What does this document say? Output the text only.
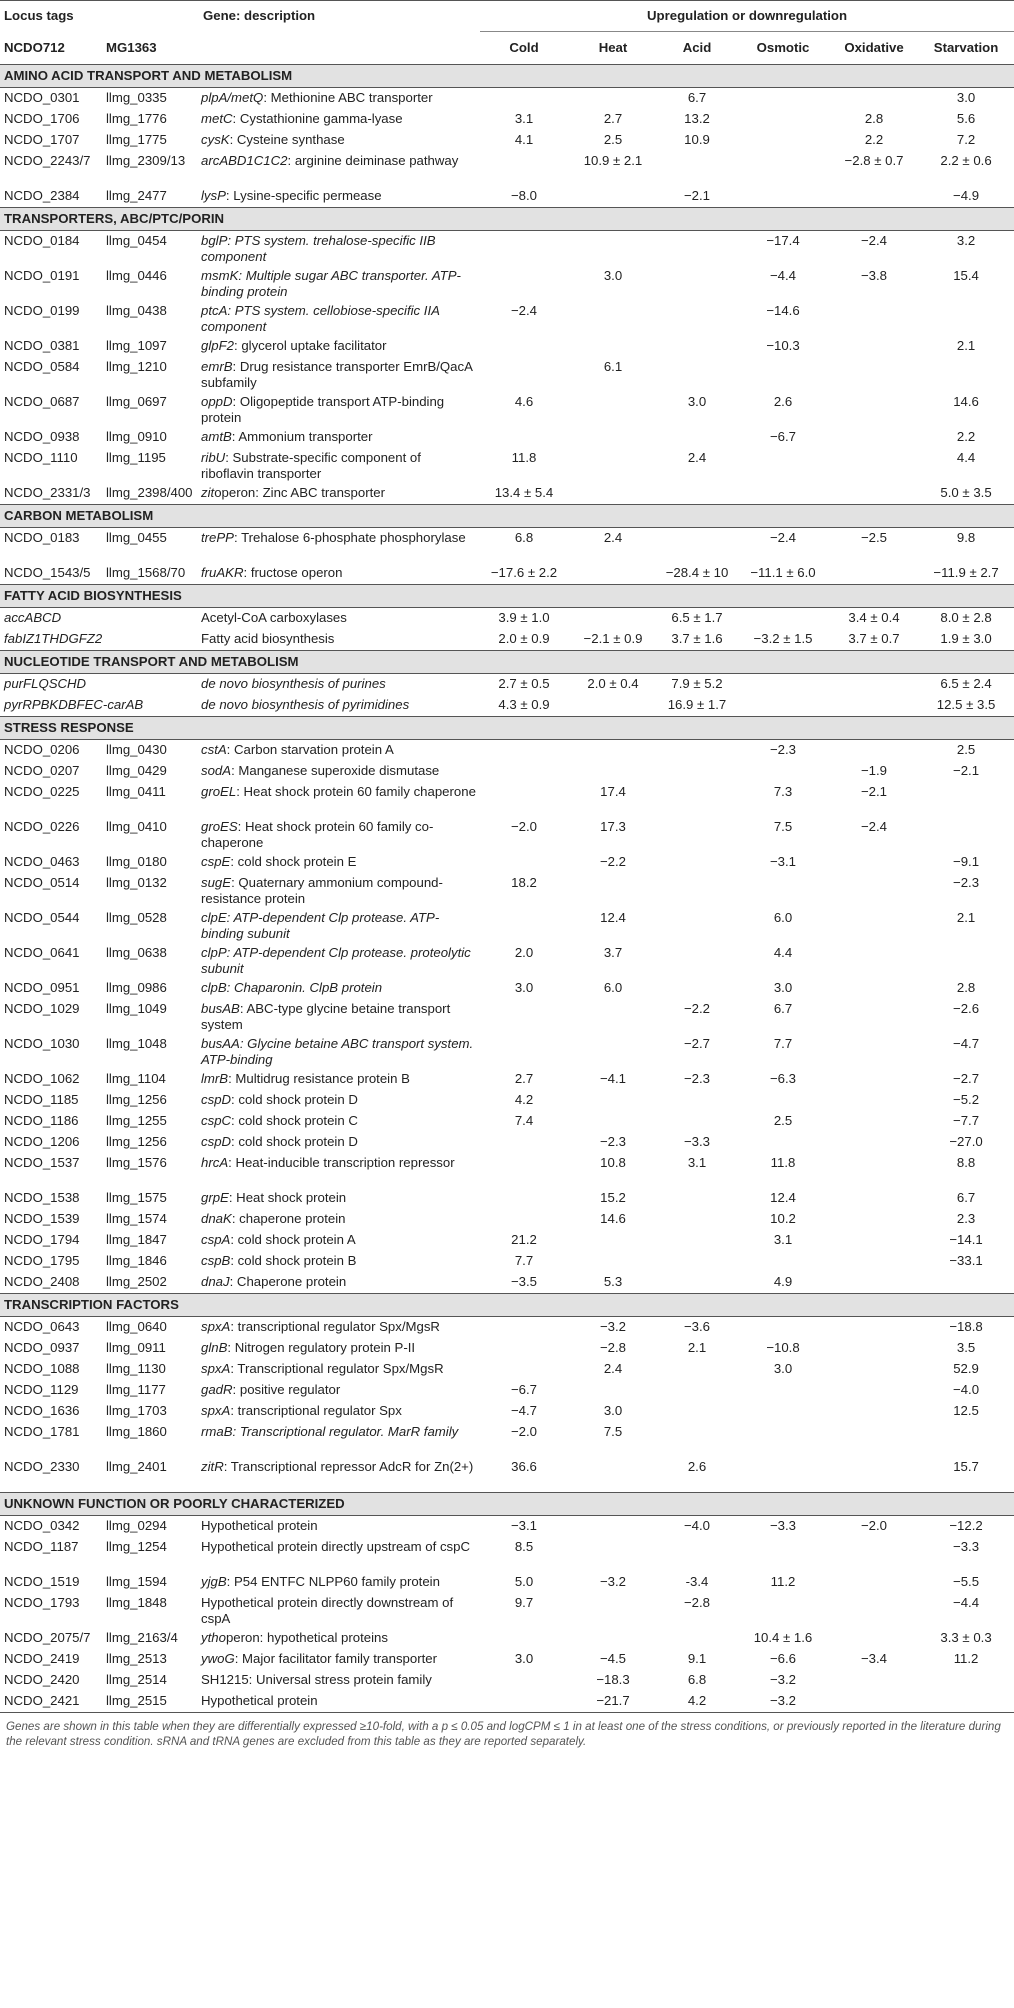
Locus tags		Gene: description	Upregulation or downregulation					
NCDO712	MG1363		Cold	Heat	Acid	Osmotic	Oxidative	Starvation
AMINO ACID TRANSPORT AND METABOLISM								
NCDO_0301	llmg_0335	plpA/metQ: Methionine ABC transporter			6.7			3.0
NCDO_1706	llmg_1776	metC: Cystathionine gamma-lyase	3.1	2.7	13.2		2.8	5.6
NCDO_1707	llmg_1775	cysK: Cysteine synthase	4.1	2.5	10.9		2.2	7.2
NCDO_2243/7	llmg_2309/13	arcABD1C1C2: arginine deiminase pathway		10.9 ± 2.1			−2.8 ± 0.7	2.2 ± 0.6
NCDO_2384	llmg_2477	lysP: Lysine-specific permease	−8.0		−2.1			−4.9
TRANSPORTERS, ABC/PTC/PORIN								
NCDO_0184	llmg_0454	bglP: PTS system. trehalose-specific IIB component				−17.4	−2.4	3.2
NCDO_0191	llmg_0446	msmK: Multiple sugar ABC transporter. ATP-binding protein		3.0		−4.4	−3.8	15.4
NCDO_0199	llmg_0438	ptcA: PTS system. cellobiose-specific IIA component	−2.4			−14.6		
NCDO_0381	llmg_1097	glpF2: glycerol uptake facilitator				−10.3		2.1
NCDO_0584	llmg_1210	emrB: Drug resistance transporter EmrB/QacA subfamily		6.1				
NCDO_0687	llmg_0697	oppD: Oligopeptide transport ATP-binding protein	4.6		3.0	2.6		14.6
NCDO_0938	llmg_0910	amtB: Ammonium transporter				−6.7		2.2
NCDO_1110	llmg_1195	ribU: Substrate-specific component of riboflavin transporter	11.8		2.4			4.4
NCDO_2331/3	llmg_2398/400	zitoperon: Zinc ABC transporter	13.4 ± 5.4					5.0 ± 3.5
CARBON METABOLISM								
NCDO_0183	llmg_0455	trePP: Trehalose 6-phosphate phosphorylase	6.8	2.4		−2.4	−2.5	9.8
NCDO_1543/5	llmg_1568/70	fruAKR: fructose operon	−17.6 ± 2.2		−28.4 ± 10	−11.1 ± 6.0		−11.9 ± 2.7
FATTY ACID BIOSYNTHESIS								
accABCD		Acetyl-CoA carboxylases	3.9 ± 1.0		6.5 ± 1.7		3.4 ± 0.4	8.0 ± 2.8
fabIZ1THDGFZ2		Fatty acid biosynthesis	2.0 ± 0.9	−2.1 ± 0.9	3.7 ± 1.6	−3.2 ± 1.5	3.7 ± 0.7	1.9 ± 3.0
NUCLEOTIDE TRANSPORT AND METABOLISM								
purFLQSCHD		de novo biosynthesis of purines	2.7 ± 0.5	2.0 ± 0.4	7.9 ± 5.2			6.5 ± 2.4
pyrRPBKDBFEC-carAB		de novo biosynthesis of pyrimidines	4.3 ± 0.9		16.9 ± 1.7			12.5 ± 3.5
STRESS RESPONSE								
NCDO_0206	llmg_0430	cstA: Carbon starvation protein A				−2.3		2.5
NCDO_0207	llmg_0429	sodA: Manganese superoxide dismutase					−1.9	−2.1
NCDO_0225	llmg_0411	groEL: Heat shock protein 60 family chaperone		17.4		7.3	−2.1	
NCDO_0226	llmg_0410	groES: Heat shock protein 60 family co-chaperone	−2.0	17.3		7.5	−2.4	
NCDO_0463	llmg_0180	cspE: cold shock protein E		−2.2		−3.1		−9.1
NCDO_0514	llmg_0132	sugE: Quaternary ammonium compound-resistance protein	18.2					−2.3
NCDO_0544	llmg_0528	clpE: ATP-dependent Clp protease. ATP-binding subunit		12.4		6.0		2.1
NCDO_0641	llmg_0638	clpP: ATP-dependent Clp protease. proteolytic subunit	2.0	3.7		4.4		
NCDO_0951	llmg_0986	clpB: Chaparonin. ClpB protein	3.0	6.0		3.0		2.8
NCDO_1029	llmg_1049	busAB: ABC-type glycine betaine transport system			−2.2	6.7		−2.6
NCDO_1030	llmg_1048	busAA: Glycine betaine ABC transport system. ATP-binding			−2.7	7.7		−4.7
NCDO_1062	llmg_1104	lmrB: Multidrug resistance protein B	2.7	−4.1	−2.3	−6.3		−2.7
NCDO_1185	llmg_1256	cspD: cold shock protein D	4.2					−5.2
NCDO_1186	llmg_1255	cspC: cold shock protein C	7.4			2.5		−7.7
NCDO_1206	llmg_1256	cspD: cold shock protein D		−2.3	−3.3			−27.0
NCDO_1537	llmg_1576	hrcA: Heat-inducible transcription repressor		10.8	3.1	11.8		8.8
NCDO_1538	llmg_1575	grpE: Heat shock protein		15.2		12.4		6.7
NCDO_1539	llmg_1574	dnaK: chaperone protein		14.6		10.2		2.3
NCDO_1794	llmg_1847	cspA: cold shock protein A	21.2			3.1		−14.1
NCDO_1795	llmg_1846	cspB: cold shock protein B	7.7					−33.1
NCDO_2408	llmg_2502	dnaJ: Chaperone protein	−3.5	5.3		4.9		
TRANSCRIPTION FACTORS								
NCDO_0643	llmg_0640	spxA: transcriptional regulator Spx/MgsR		−3.2	−3.6			−18.8
NCDO_0937	llmg_0911	glnB: Nitrogen regulatory protein P-II		−2.8	2.1	−10.8		3.5
NCDO_1088	llmg_1130	spxA: Transcriptional regulator Spx/MgsR		2.4		3.0		52.9
NCDO_1129	llmg_1177	gadR: positive regulator	−6.7					−4.0
NCDO_1636	llmg_1703	spxA: transcriptional regulator Spx	−4.7	3.0				12.5
NCDO_1781	llmg_1860	rmaB: Transcriptional regulator. MarR family	−2.0	7.5				
NCDO_2330	llmg_2401	zitR: Transcriptional repressor AdcR for Zn(2+)	36.6		2.6			15.7
UNKNOWN FUNCTION OR POORLY CHARACTERIZED								
NCDO_0342	llmg_0294	Hypothetical protein	−3.1		−4.0	−3.3	−2.0	−12.2
NCDO_1187	llmg_1254	Hypothetical protein directly upstream of cspC	8.5					−3.3
NCDO_1519	llmg_1594	yjgB: P54 ENTFC NLPP60 family protein	5.0	−3.2	-3.4	11.2		−5.5
NCDO_1793	llmg_1848	Hypothetical protein directly downstream of cspA	9.7		−2.8			−4.4
NCDO_2075/7	llmg_2163/4	ythoperon: hypothetical proteins				10.4 ± 1.6		3.3 ± 0.3
NCDO_2419	llmg_2513	ywoG: Major facilitator family transporter	3.0	−4.5	9.1	−6.6	−3.4	11.2
NCDO_2420	llmg_2514	SH1215: Universal stress protein family		−18.3	6.8	−3.2		
NCDO_2421	llmg_2515	Hypothetical protein		−21.7	4.2	−3.2		
Genes are shown in this table when they are differentially expressed ≥10-fold, with a p ≤ 0.05 and logCPM ≤ 1 in at least one of the stress conditions, or previously reported in the literature during the relevant stress condition. sRNA and tRNA genes are excluded from this table as they are reported separately.
